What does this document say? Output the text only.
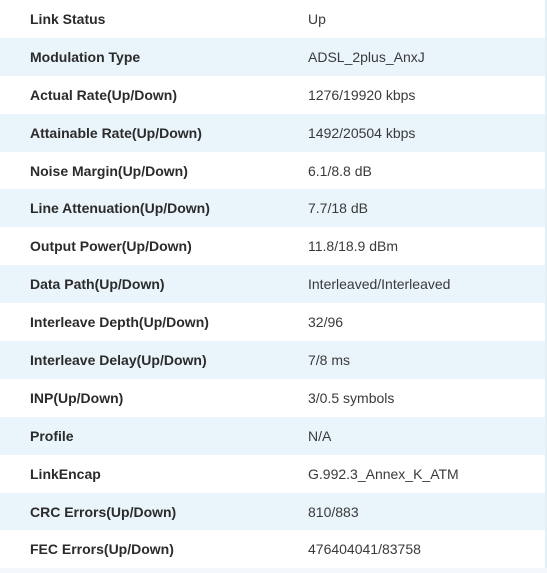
Link Status	Up
Modulation Type	ADSL_2plus_AnxJ
Actual Rate(Up/Down)	1276/19920 kbps
Attainable Rate(Up/Down)	1492/20504 kbps
Noise Margin(Up/Down)	6.1/8.8 dB
Line Attenuation(Up/Down)	7.7/18 dB
Output Power(Up/Down)	11.8/18.9 dBm
Data Path(Up/Down)	Interleaved/Interleaved
Interleave Depth(Up/Down)	32/96
Interleave Delay(Up/Down)	7/8 ms
INP(Up/Down)	3/0.5 symbols
Profile	N/A
LinkEncap	G.992.3_Annex_K_ATM
CRC Errors(Up/Down)	810/883
FEC Errors(Up/Down)	476404041/83758
